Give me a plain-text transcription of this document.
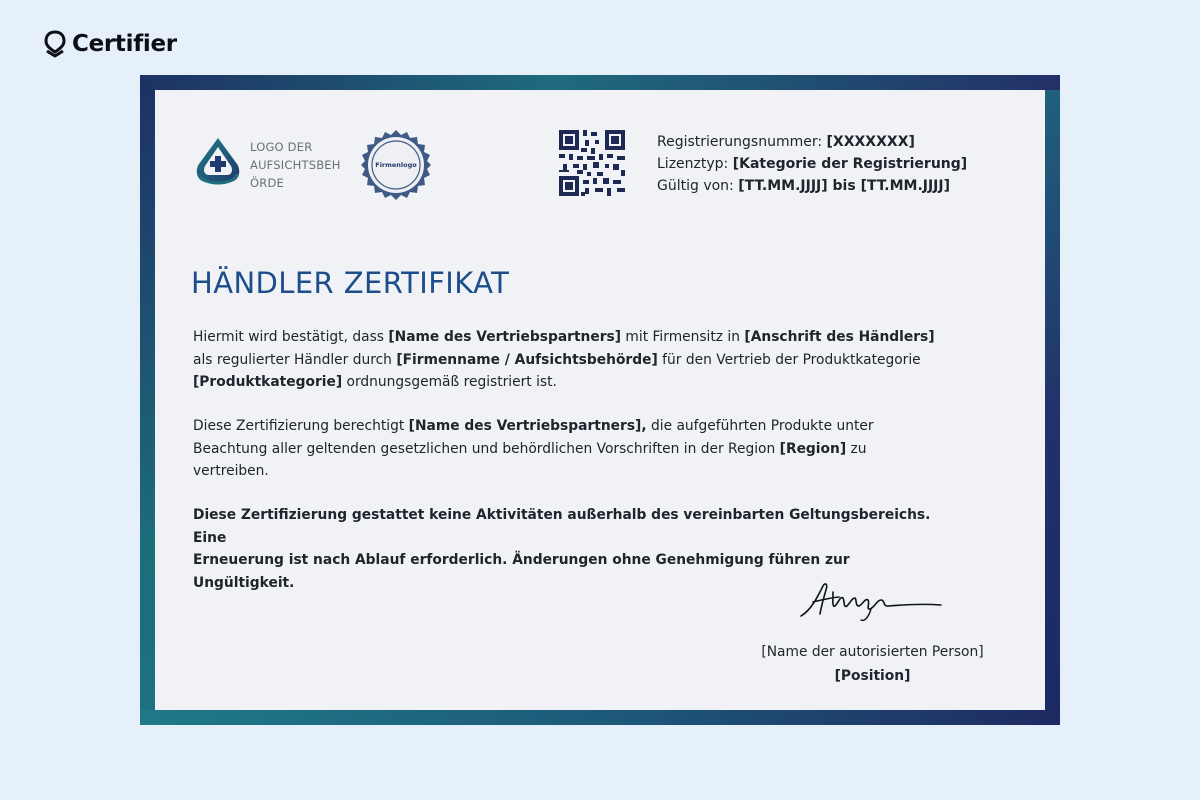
Certifier
LOGO DER AUFSICHTSBEH ÖRDE
Firmenlogo
Registrierungsnummer: [XXXXXXX]
Lizenztyp: [Kategorie der Registrierung]
Gültig von: [TT.MM.JJJJ] bis [TT.MM.JJJJ]
HÄNDLER ZERTIFIKAT
Hiermit wird bestätigt, dass [Name des Vertriebspartners] mit Firmensitz in [Anschrift des Händlers]
als regulierter Händler durch [Firmenname / Aufsichtsbehörde] für den Vertrieb der Produktkategorie
[Produktkategorie] ordnungsgemäß registriert ist.
Diese Zertifizierung berechtigt [Name des Vertriebspartners], die aufgeführten Produkte unter
Beachtung aller geltenden gesetzlichen und behördlichen Vorschriften in der Region [Region] zu
vertreiben.
Diese Zertifizierung gestattet keine Aktivitäten außerhalb des vereinbarten Geltungsbereichs. Eine
Erneuerung ist nach Ablauf erforderlich. Änderungen ohne Genehmigung führen zur Ungültigkeit.
[Name der autorisierten Person]
[Position]
